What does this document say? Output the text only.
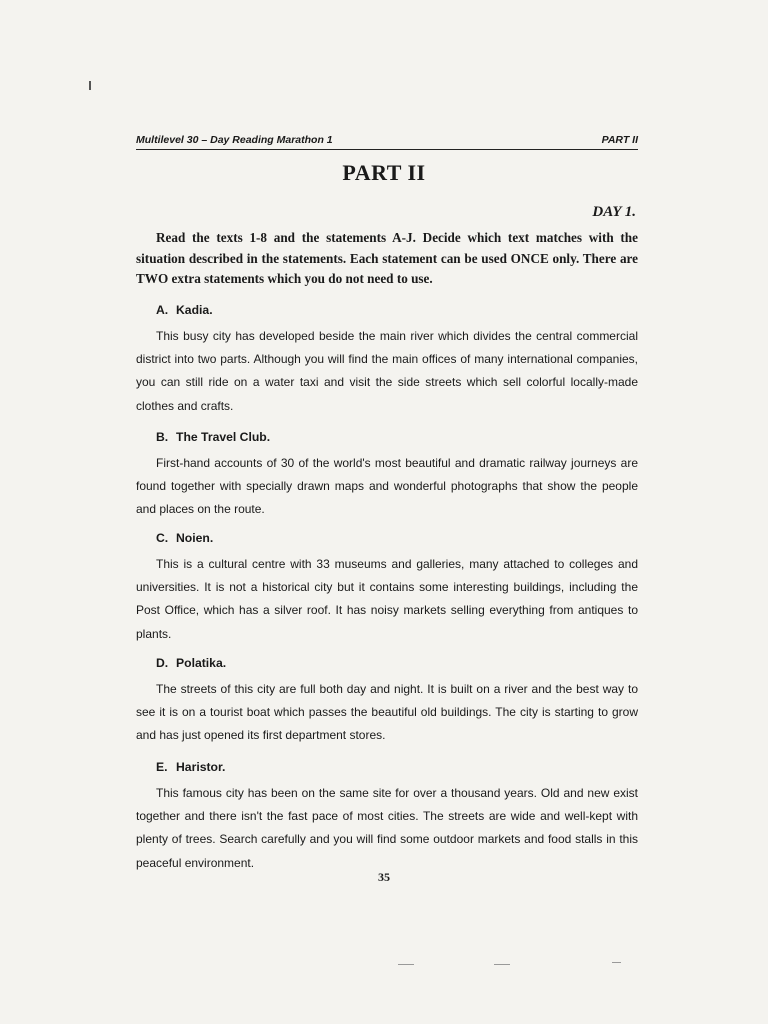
Multilevel 30 – Day Reading Marathon 1	PART II
PART II
DAY 1.
Read the texts 1-8 and the statements A-J. Decide which text matches with the situation described in the statements. Each statement can be used ONCE only. There are TWO extra statements which you do not need to use.
A. Kadia.
This busy city has developed beside the main river which divides the central commercial district into two parts. Although you will find the main offices of many international companies, you can still ride on a water taxi and visit the side streets which sell colorful locally-made clothes and crafts.
B. The Travel Club.
First-hand accounts of 30 of the world's most beautiful and dramatic railway journeys are found together with specially drawn maps and wonderful photographs that show the people and places on the route.
C. Noien.
This is a cultural centre with 33 museums and galleries, many attached to colleges and universities. It is not a historical city but it contains some interesting buildings, including the Post Office, which has a silver roof. It has noisy markets selling everything from antiques to plants.
D. Polatika.
The streets of this city are full both day and night. It is built on a river and the best way to see it is on a tourist boat which passes the beautiful old buildings. The city is starting to grow and has just opened its first department stores.
E. Haristor.
This famous city has been on the same site for over a thousand years. Old and new exist together and there isn't the fast pace of most cities. The streets are wide and well-kept with plenty of trees. Search carefully and you will find some outdoor markets and food stalls in this peaceful environment.
35
